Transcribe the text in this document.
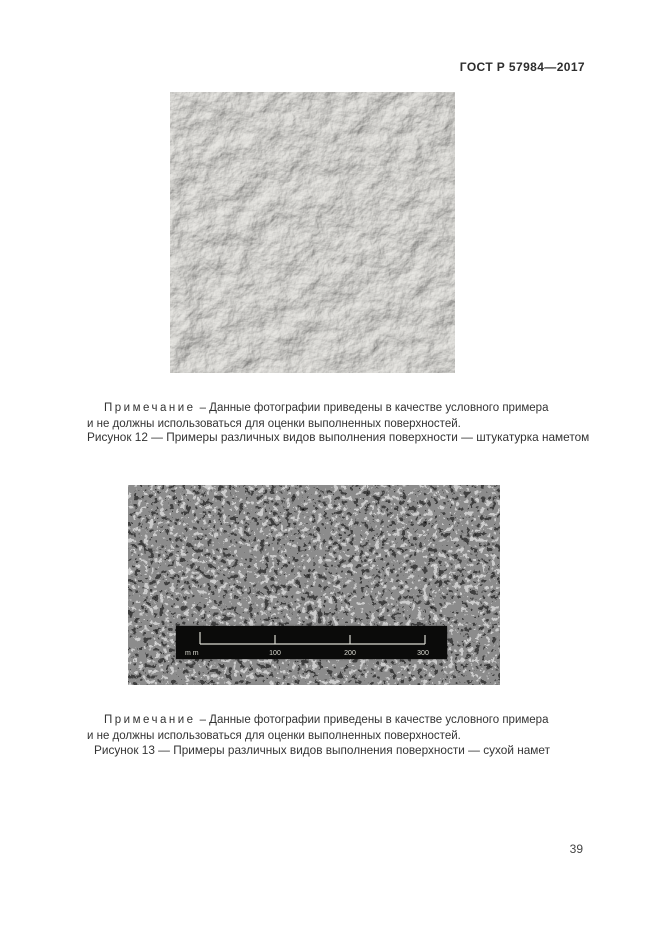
ГОСТ Р 57984—2017

Примечание – Данные фотографии приведены в качестве условного примера и не должны использоваться для оценки выполненных поверхностей.

Рисунок 12 — Примеры различных видов выполнения поверхности — штукатурка наметом
m m	100	200	300

Примечание – Данные фотографии приведены в качестве условного примера и не должны использоваться для оценки выполненных поверхностей.

Рисунок 13 — Примеры различных видов выполнения поверхности — сухой намет
39
